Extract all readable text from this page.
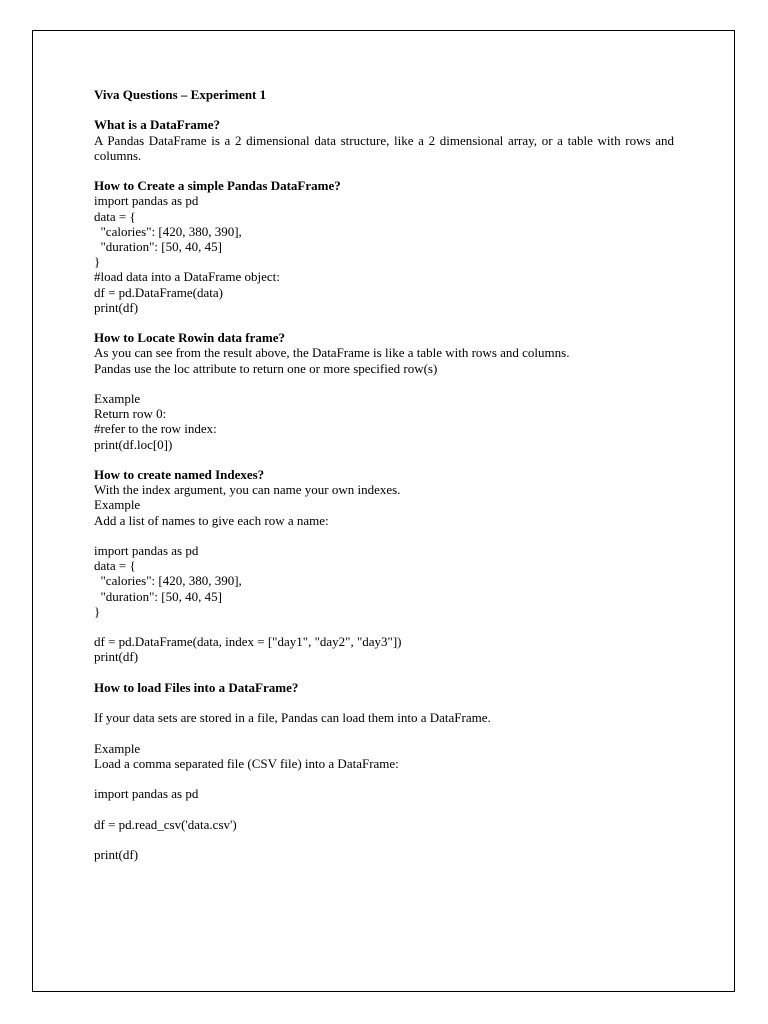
Viva Questions – Experiment 1
What is a DataFrame?
A Pandas DataFrame is a 2 dimensional data structure, like a 2 dimensional array, or a table with rows and columns.
How to Create a simple Pandas DataFrame?
import pandas as pd
data = {
"calories": [420, 380, 390],
"duration": [50, 40, 45]
}
#load data into a DataFrame object:
df = pd.DataFrame(data)
print(df)
How to Locate Rowin data frame?
As you can see from the result above, the DataFrame is like a table with rows and columns.
Pandas use the loc attribute to return one or more specified row(s)
Example
Return row 0:
#refer to the row index:
print(df.loc[0])
How to create named Indexes?
With the index argument, you can name your own indexes.
Example
Add a list of names to give each row a name:
import pandas as pd
data = {
"calories": [420, 380, 390],
"duration": [50, 40, 45]
}
df = pd.DataFrame(data, index = ["day1", "day2", "day3"])
print(df)
How to load Files into a DataFrame?
If your data sets are stored in a file, Pandas can load them into a DataFrame.
Example
Load a comma separated file (CSV file) into a DataFrame:
import pandas as pd
df = pd.read_csv('data.csv')
print(df)
